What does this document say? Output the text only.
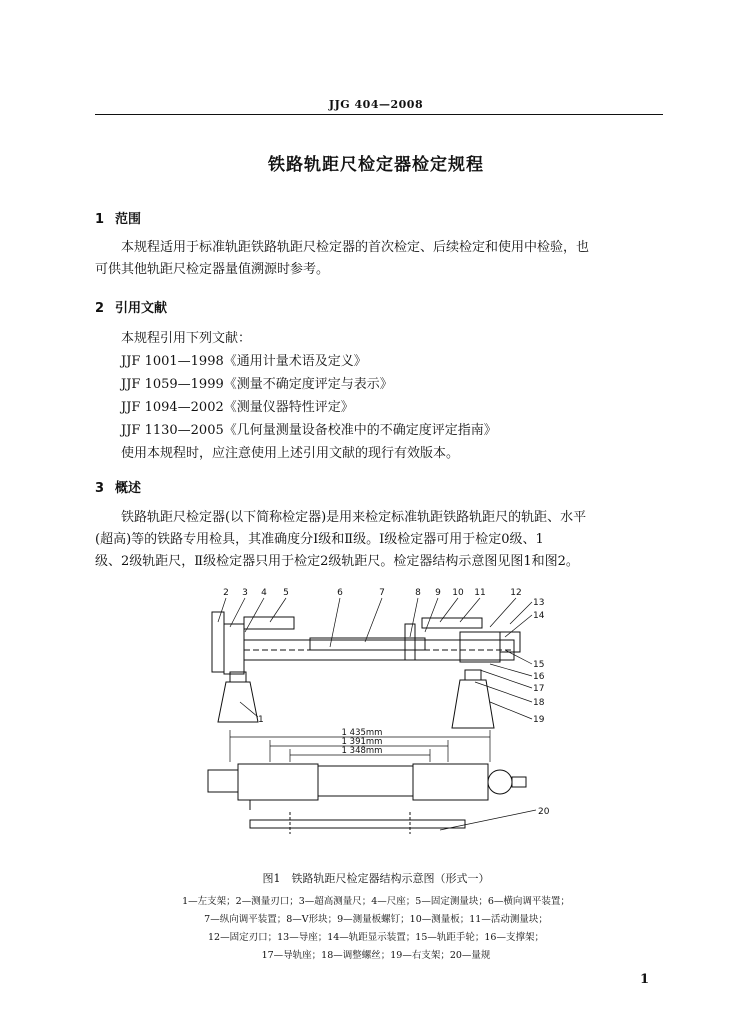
JJG 404—2008
铁路轨距尺检定器检定规程
1 范围
本规程适用于标准轨距铁路轨距尺检定器的首次检定、后续检定和使用中检验，也
可供其他轨距尺检定器量值溯源时参考。
2 引用文献
本规程引用下列文献：
JJF 1001—1998《通用计量术语及定义》
JJF 1059—1999《测量不确定度评定与表示》
JJF 1094—2002《测量仪器特性评定》
JJF 1130—2005《几何量测量设备校准中的不确定度评定指南》
使用本规程时，应注意使用上述引用文献的现行有效版本。
3 概述
铁路轨距尺检定器(以下简称检定器)是用来检定标准轨距铁路轨距尺的轨距、水平
(超高)等的铁路专用检具，其准确度分Ⅰ级和Ⅱ级。Ⅰ级检定器可用于检定0级、1
级、2级轨距尺，Ⅱ级检定器只用于检定2级轨距尺。检定器结构示意图见图1和图2。
2 3 4 5	6	7	8 9 10 11	12
13
14
15
16
17
18
19
1
20
1 435mm
1 391mm
1 348mm
图1　铁路轨距尺检定器结构示意图（形式一）
1—左支架；2—测量刃口；3—超高测量尺；4—尺座；5—固定测量块；6—横向调平装置；
7—纵向调平装置；8—V形块；9—测量板螺钉；10—测量板；11—活动测量块；
12—固定刃口；13—导座；14—轨距显示装置；15—轨距手轮；16—支撑架；
17—导轨座；18—调整螺丝；19—右支架；20—量规
1
